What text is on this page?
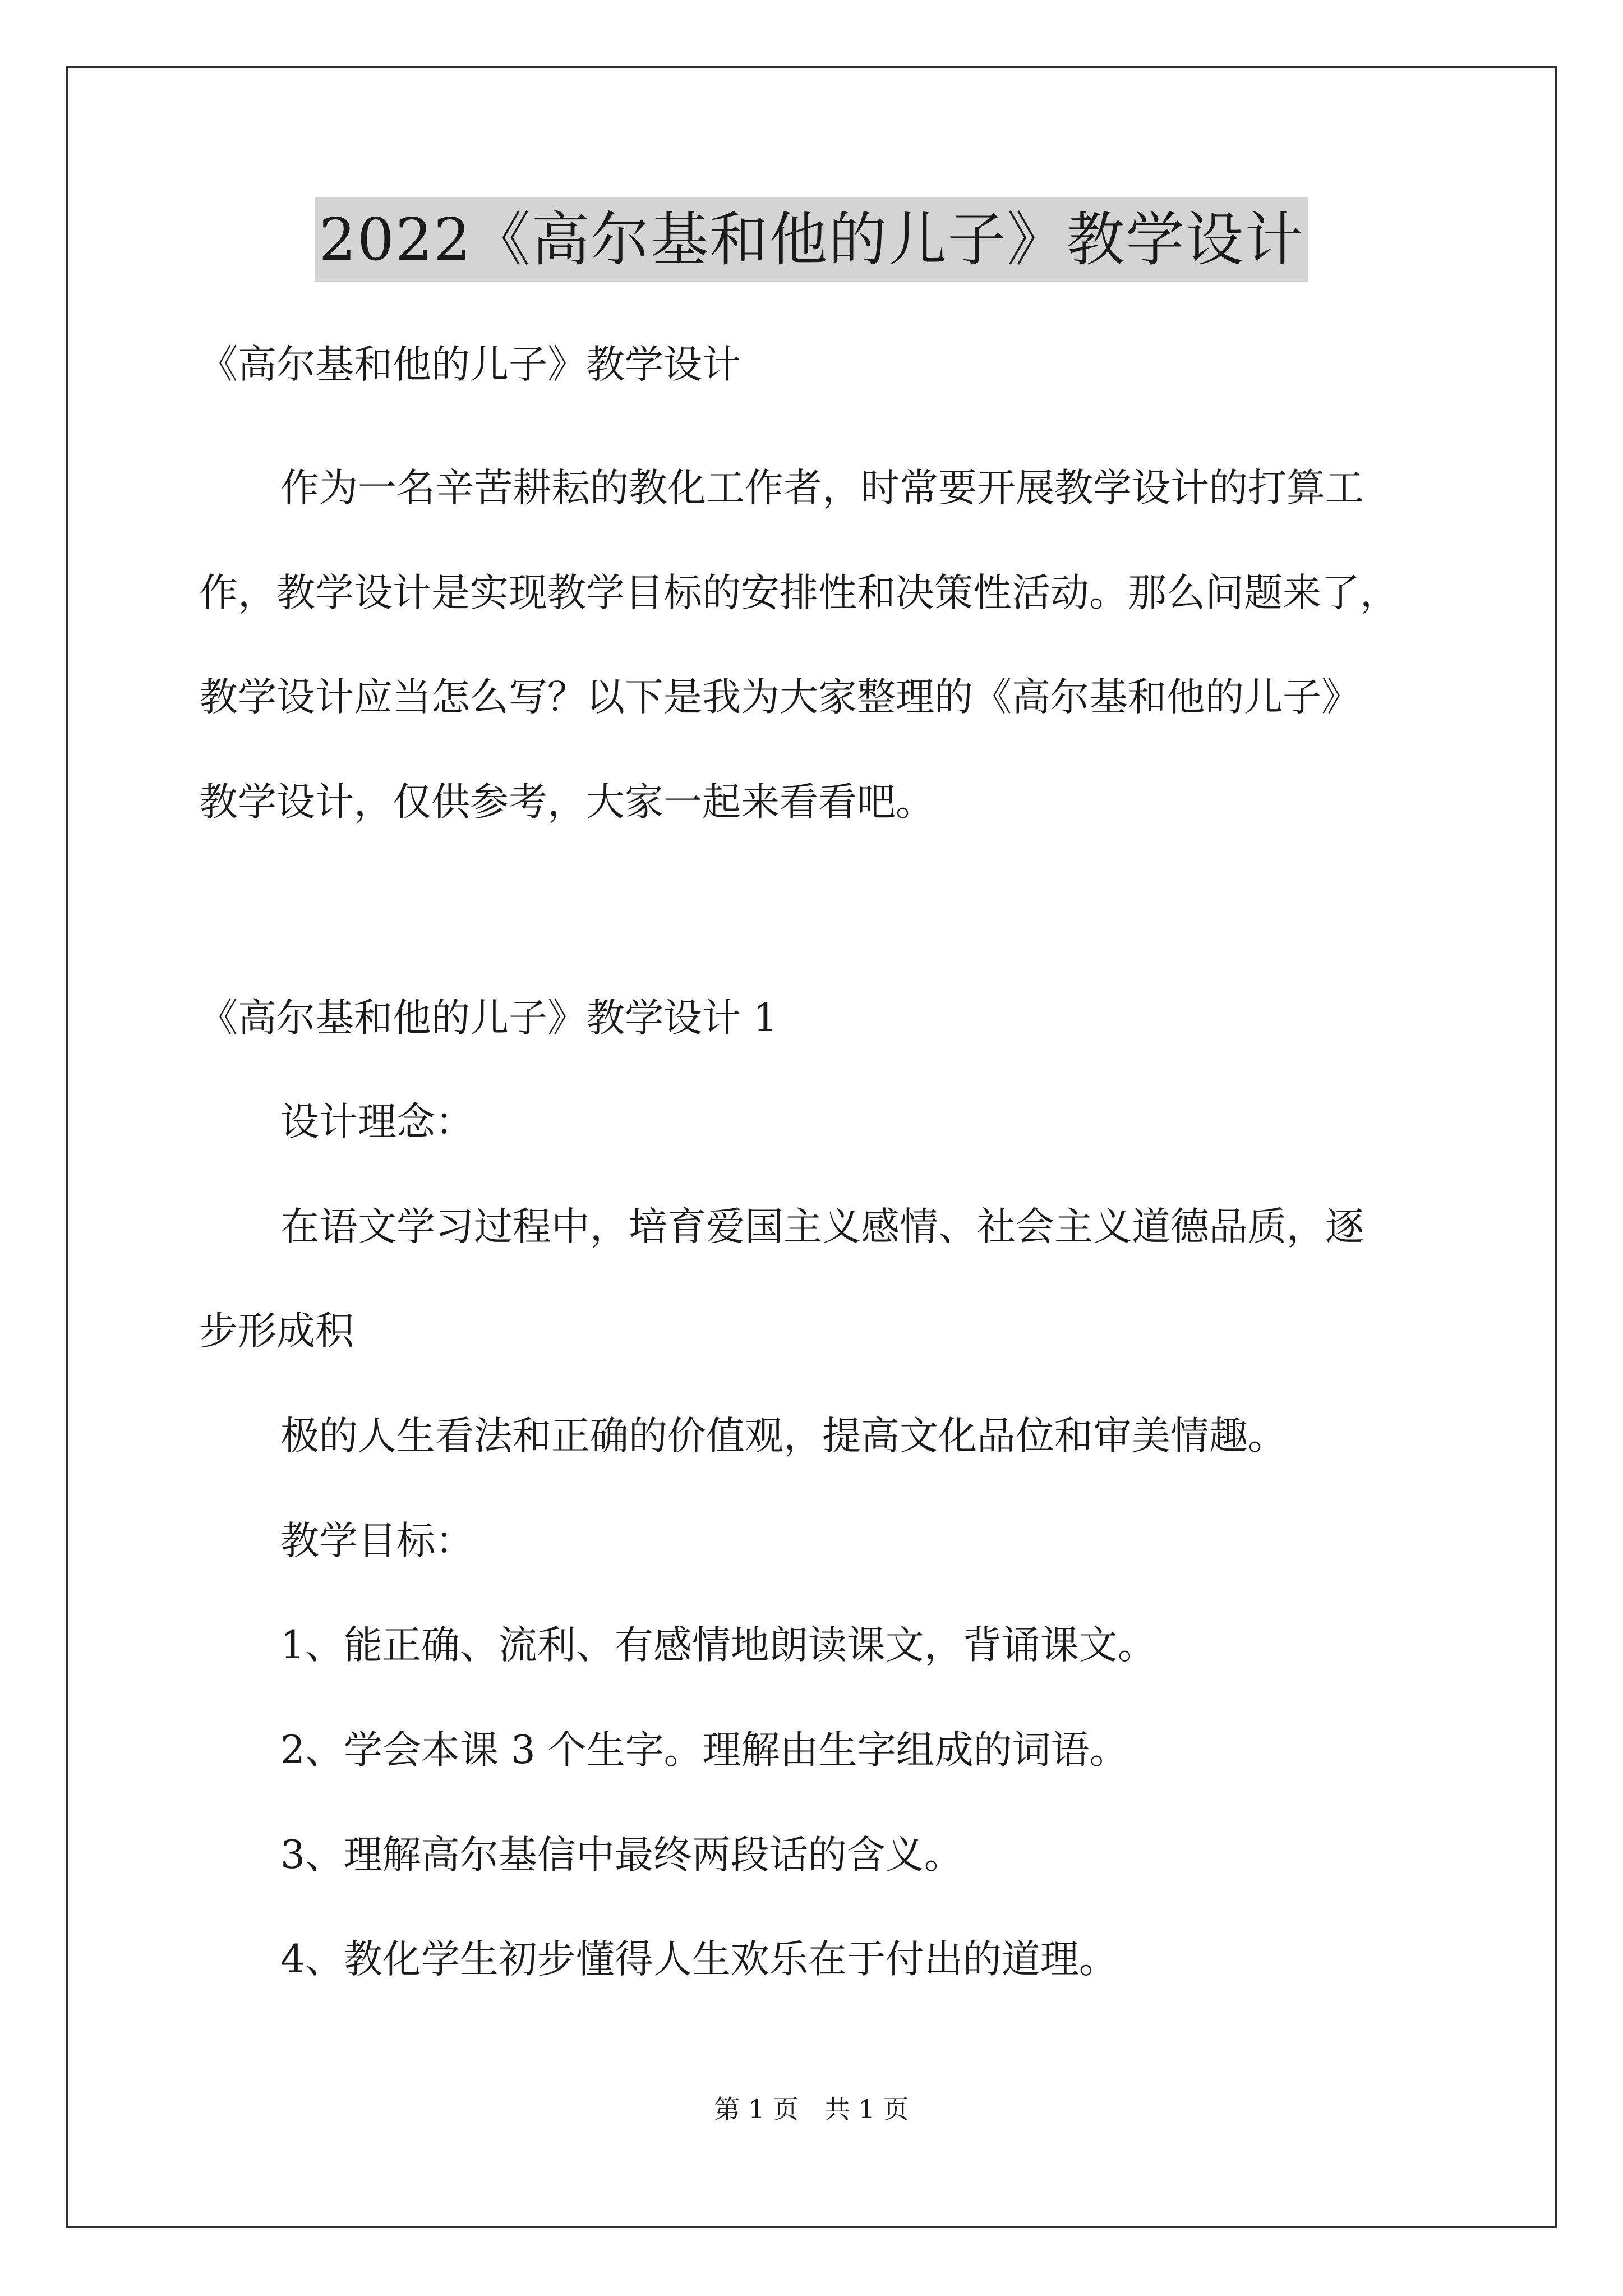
2022《高尔基和他的儿子》教学设计
《高尔基和他的儿子》教学设计
作为一名辛苦耕耘的教化工作者，时常要开展教学设计的打算工
作，教学设计是实现教学目标的安排性和决策性活动。那么问题来了，
教学设计应当怎么写？以下是我为大家整理的《高尔基和他的儿子》
教学设计，仅供参考，大家一起来看看吧。
《高尔基和他的儿子》教学设计 1
设计理念：
在语文学习过程中，培育爱国主义感情、社会主义道德品质，逐
步形成积
极的人生看法和正确的价值观，提高文化品位和审美情趣。
教学目标：
1、能正确、流利、有感情地朗读课文，背诵课文。
2、学会本课 3 个生字。理解由生字组成的词语。
3、理解高尔基信中最终两段话的含义。
4、教化学生初步懂得人生欢乐在于付出的道理。
第 1 页　共 1 页
